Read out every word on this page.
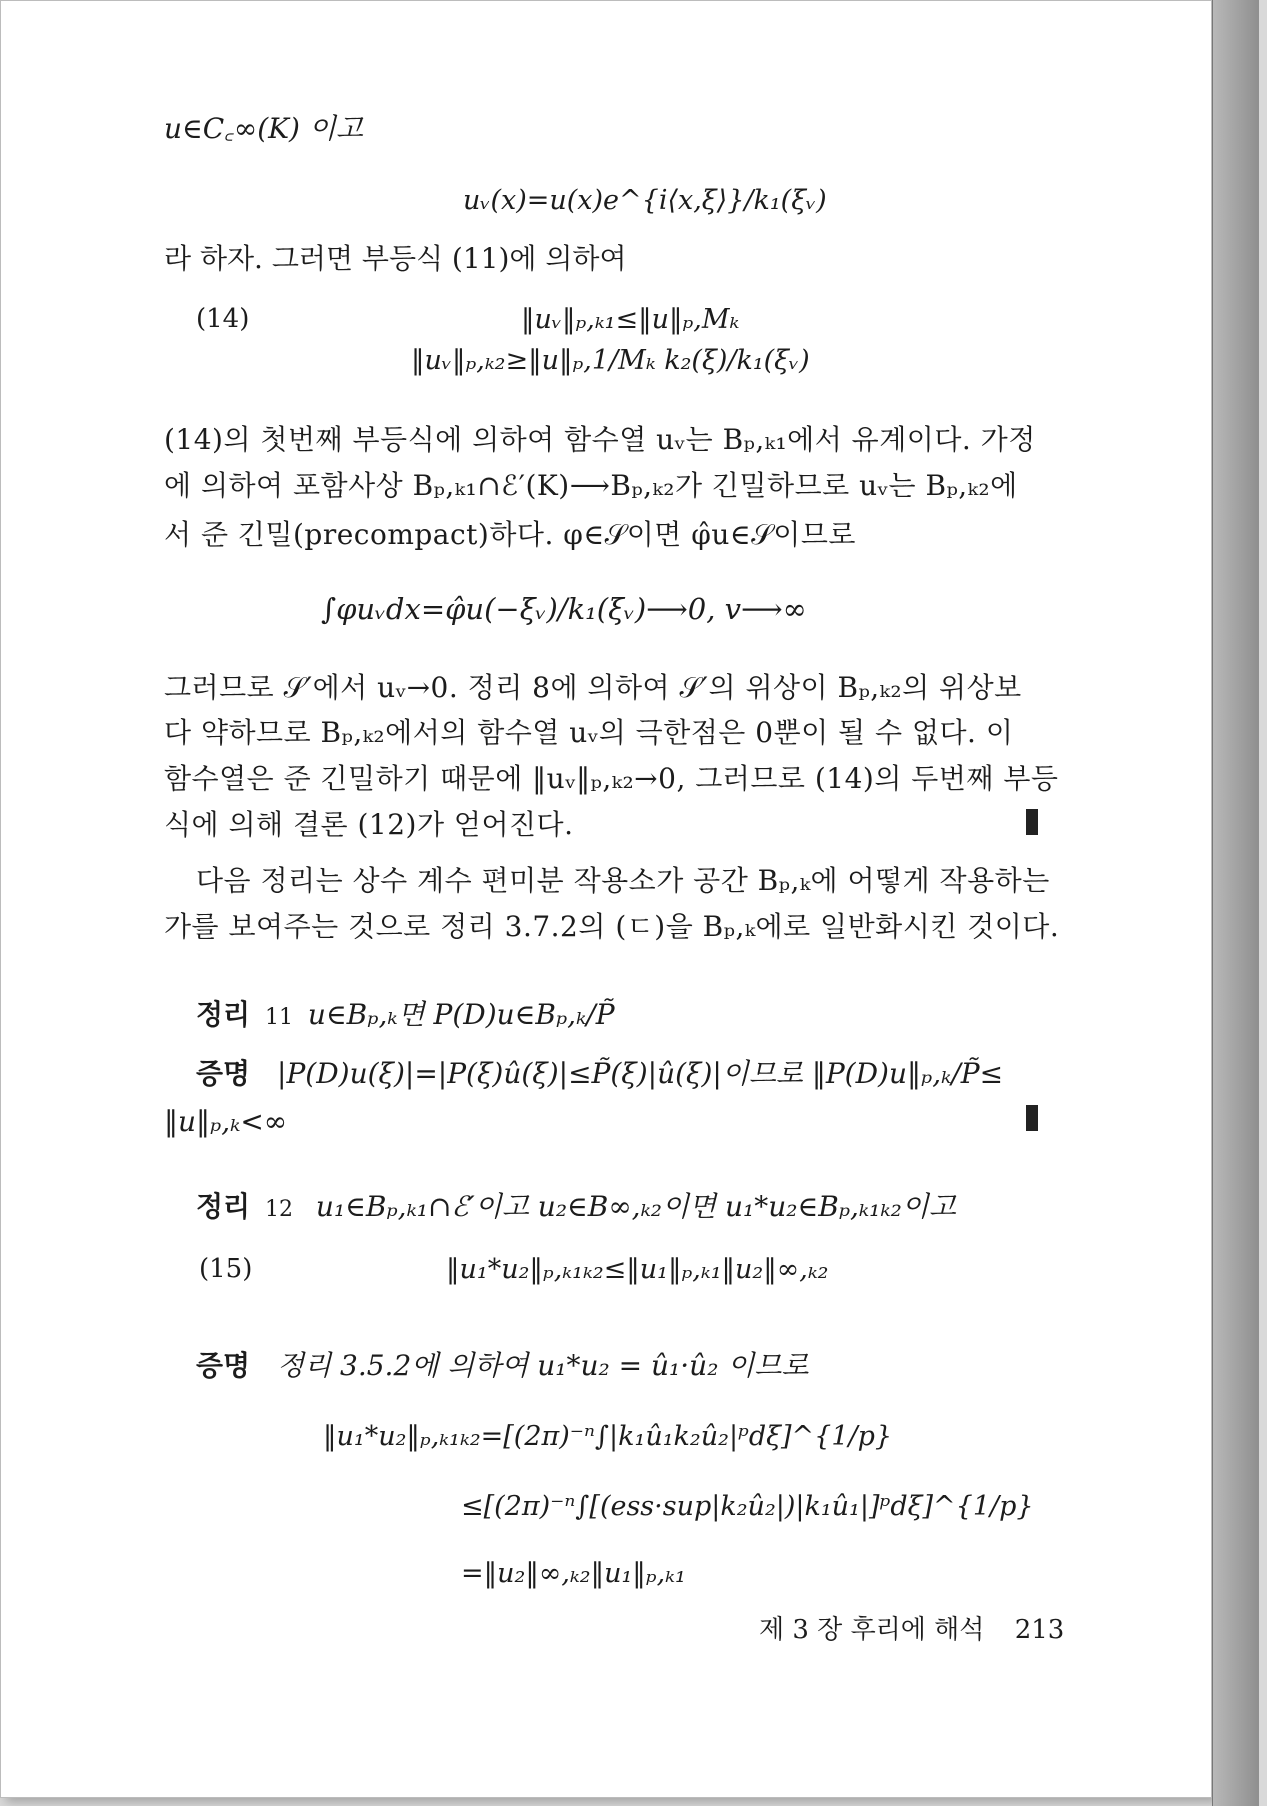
u∈C꜀∞(K) 이고
uᵥ(x)=u(x)e^{i⟨x,ξ⟩}/k₁(ξᵥ)
라 하자. 그러면 부등식 (11)에 의하여
(14)	‖uᵥ‖ₚ,ₖ₁≤‖u‖ₚ,Mₖ
‖uᵥ‖ₚ,ₖ₂≥‖u‖ₚ,1/Mₖ k₂(ξ)/k₁(ξᵥ)
(14)의 첫번째 부등식에 의하여 함수열 uᵥ는 Bₚ,ₖ₁에서 유계이다. 가정
에 의하여 포함사상 Bₚ,ₖ₁∩ℰ′(K)⟶Bₚ,ₖ₂가 긴밀하므로 uᵥ는 Bₚ,ₖ₂에
서 준 긴밀(precompact)하다. φ∈𝒮이면 φ̂u∈𝒮이므로
∫φuᵥdx=φ̂u(−ξᵥ)/k₁(ξᵥ)⟶0, v⟶∞
그러므로 𝒮′에서 uᵥ→0. 정리 8에 의하여 𝒮′의 위상이 Bₚ,ₖ₂의 위상보
다 약하므로 Bₚ,ₖ₂에서의 함수열 uᵥ의 극한점은 0뿐이 될 수 없다. 이
함수열은 준 긴밀하기 때문에 ‖uᵥ‖ₚ,ₖ₂→0, 그러므로 (14)의 두번째 부등
식에 의해 결론 (12)가 얻어진다.
다음 정리는 상수 계수 편미분 작용소가 공간 Bₚ,ₖ에 어떻게 작용하는
가를 보여주는 것으로 정리 3.7.2의 (ㄷ)을 Bₚ,ₖ에로 일반화시킨 것이다.
정리 11 u∈Bₚ,ₖ면 P(D)u∈Bₚ,ₖ/P̃
증명 |P(D)u(ξ)|=|P(ξ)û(ξ)|≤P̃(ξ)|û(ξ)|이므로 ‖P(D)u‖ₚ,ₖ/P̃≤
‖u‖ₚ,ₖ<∞
정리 12 u₁∈Bₚ,ₖ₁∩ℰ′이고 u₂∈B∞,ₖ₂이면 u₁*u₂∈Bₚ,ₖ₁ₖ₂이고
(15)	‖u₁*u₂‖ₚ,ₖ₁ₖ₂≤‖u₁‖ₚ,ₖ₁‖u₂‖∞,ₖ₂
증명 정리 3.5.2에 의하여 u₁*u₂ = û₁·û₂ 이므로
‖u₁*u₂‖ₚ,ₖ₁ₖ₂=[(2π)⁻ⁿ∫|k₁û₁k₂û₂|ᵖdξ]^{1/p}
≤[(2π)⁻ⁿ∫[(ess·sup|k₂û₂|)|k₁û₁|]ᵖdξ]^{1/p}
=‖u₂‖∞,ₖ₂‖u₁‖ₚ,ₖ₁
제 3 장 후리에 해석 213
